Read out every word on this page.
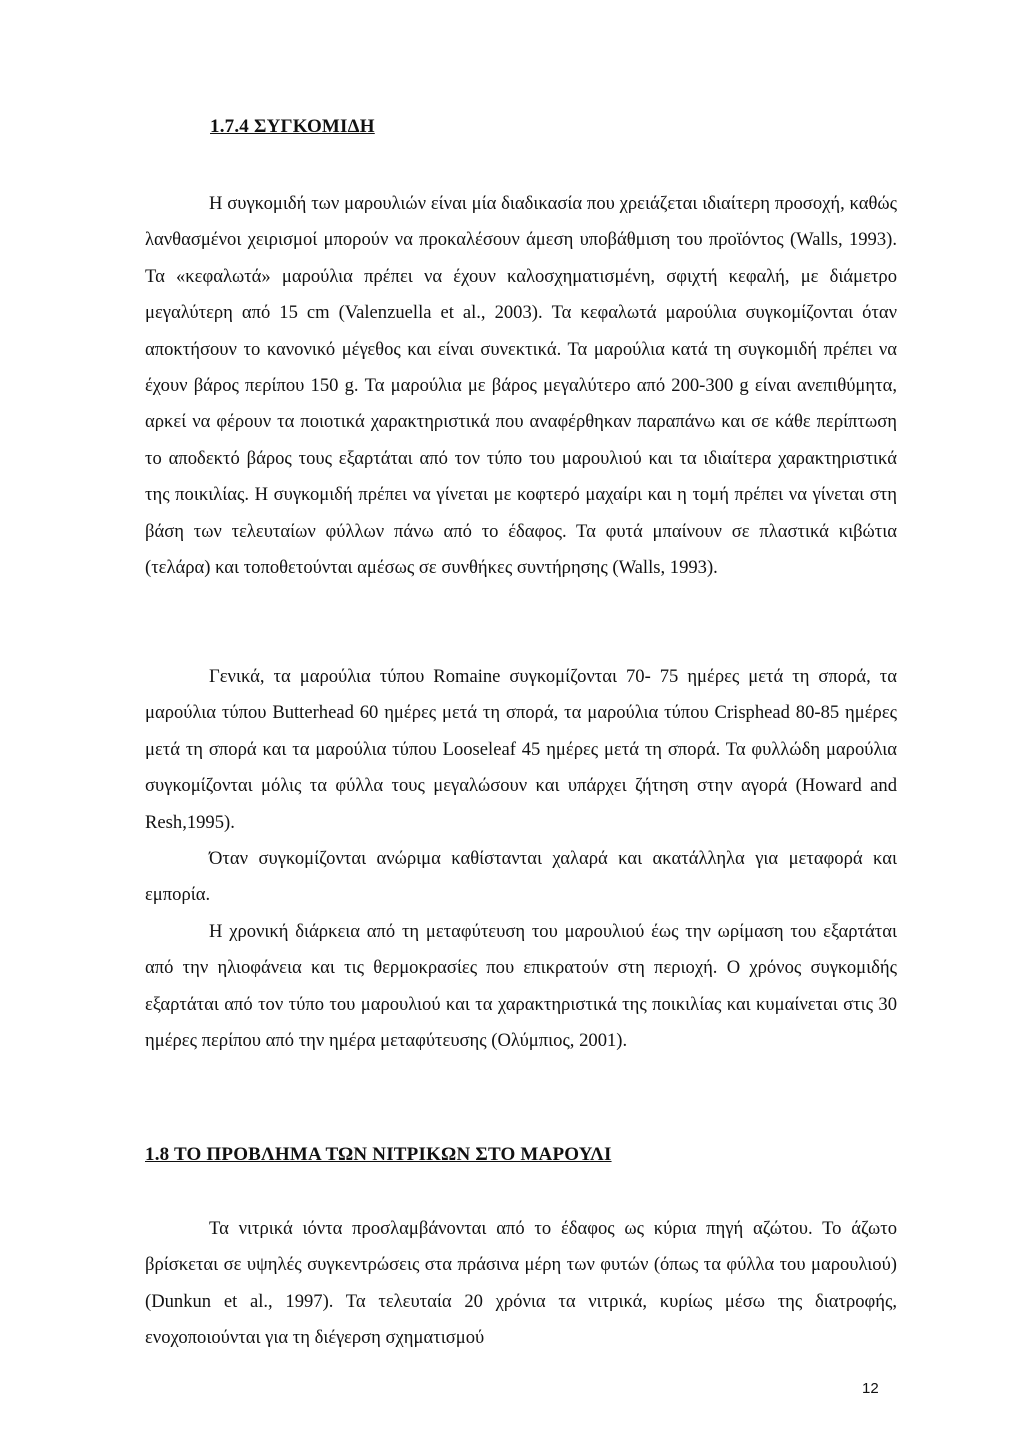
1.7.4 ΣΥΓΚΟΜΙΔΗ

Η συγκομιδή των μαρουλιών είναι μία διαδικασία που χρειάζεται ιδιαίτερη προσοχή, καθώς λανθασμένοι χειρισμοί μπορούν να προκαλέσουν άμεση υποβάθμιση του προϊόντος (Walls, 1993). Τα «κεφαλωτά» μαρούλια πρέπει να έχουν καλοσχηματισμένη, σφιχτή κεφαλή, με διάμετρο μεγαλύτερη από 15 cm (Valenzuella et al., 2003). Τα κεφαλωτά μαρούλια συγκομίζονται όταν αποκτήσουν το κανονικό μέγεθος και είναι συνεκτικά. Τα μαρούλια κατά τη συγκομιδή πρέπει να έχουν βάρος περίπου 150 g. Τα μαρούλια με βάρος μεγαλύτερο από 200-300 g είναι ανεπιθύμητα, αρκεί να φέρουν τα ποιοτικά χαρακτηριστικά που αναφέρθηκαν παραπάνω και σε κάθε περίπτωση το αποδεκτό βάρος τους εξαρτάται από τον τύπο του μαρουλιού και τα ιδιαίτερα χαρακτηριστικά της ποικιλίας. Η συγκομιδή πρέπει να γίνεται με κοφτερό μαχαίρι και η τομή πρέπει να γίνεται στη βάση των τελευταίων φύλλων πάνω από το έδαφος. Τα φυτά μπαίνουν σε πλαστικά κιβώτια (τελάρα) και τοποθετούνται αμέσως σε συνθήκες συντήρησης (Walls, 1993).

Γενικά, τα μαρούλια τύπου Romaine συγκομίζονται 70- 75 ημέρες μετά τη σπορά, τα μαρούλια τύπου Butterhead 60 ημέρες μετά τη σπορά, τα μαρούλια τύπου Crisphead 80-85 ημέρες μετά τη σπορά και τα μαρούλια τύπου Looseleaf 45 ημέρες μετά τη σπορά. Τα φυλλώδη μαρούλια συγκομίζονται μόλις τα φύλλα τους μεγαλώσουν και υπάρχει ζήτηση στην αγορά (Howard and Resh,1995).

Όταν συγκομίζονται ανώριμα καθίστανται χαλαρά και ακατάλληλα για μεταφορά και εμπορία.

Η χρονική διάρκεια από τη μεταφύτευση του μαρουλιού έως την ωρίμαση του εξαρτάται από την ηλιοφάνεια και τις θερμοκρασίες που επικρατούν στη περιοχή. Ο χρόνος συγκομιδής εξαρτάται από τον τύπο του μαρουλιού και τα χαρακτηριστικά της ποικιλίας και κυμαίνεται στις 30 ημέρες περίπου από την ημέρα μεταφύτευσης (Ολύμπιος, 2001).

1.8 ΤΟ ΠΡΟΒΛΗΜΑ ΤΩΝ ΝΙΤΡΙΚΩΝ ΣΤΟ ΜΑΡΟΥΛΙ

Τα νιτρικά ιόντα προσλαμβάνονται από το έδαφος ως κύρια πηγή αζώτου. Το άζωτο βρίσκεται σε υψηλές συγκεντρώσεις στα πράσινα μέρη των φυτών (όπως τα φύλλα του μαρουλιού) (Dunkun et al., 1997). Τα τελευταία 20 χρόνια τα νιτρικά, κυρίως μέσω της διατροφής, ενοχοποιούνται για τη διέγερση σχηματισμού

12
